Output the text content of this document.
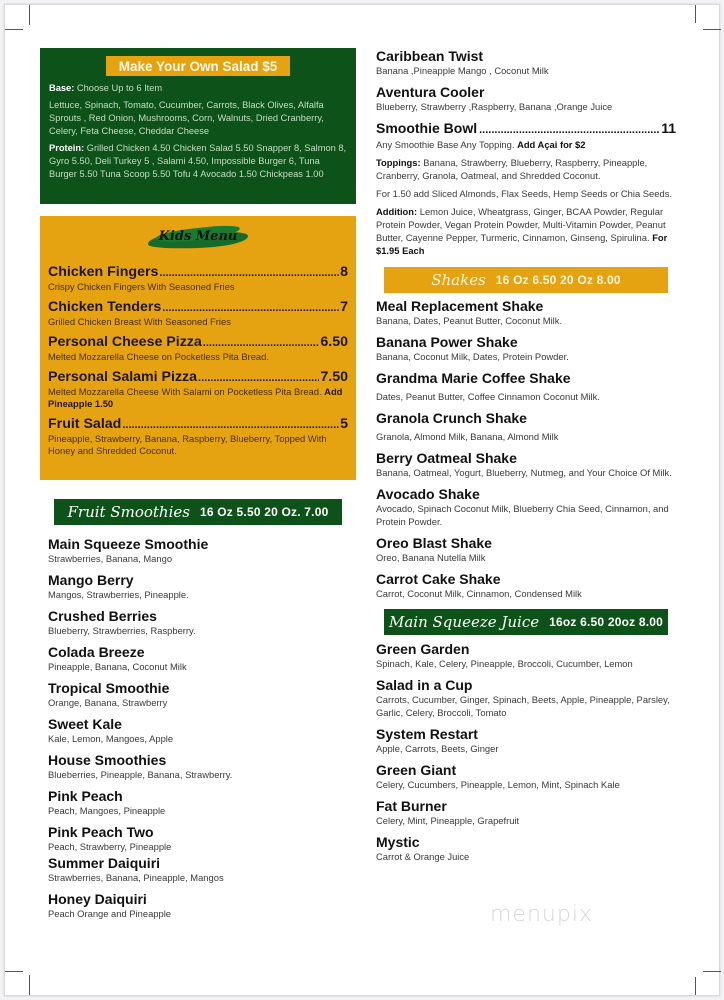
Make Your Own Salad $5

Base: Choose Up to 6 Item

Lettuce, Spinach, Tomato, Cucumber, Carrots, Black Olives, Alfalfa Sprouts , Red Onion, Mushrooms, Corn, Walnuts, Dried Cranberry, Celery, Feta Cheese, Cheddar Cheese

Protein: Grilled Chicken 4.50 Chicken Salad 5.50 Snapper 8, Salmon 8, Gyro 5.50, Deli Turkey 5 , Salami 4.50, Impossible Burger 6, Tuna Burger 5.50 Tuna Scoop 5.50 Tofu 4 Avocado 1.50 Chickpeas 1.00

Kids Menu
Chicken Fingers .....	8
Crispy Chicken Fingers With Seasoned Fries
Chicken Tenders .....	7
Grilled Chicken Breast With Seasoned Fries
Personal Cheese Pizza .....	6.50
Melted Mozzarella Cheese on Pocketless Pita Bread.
Personal Salami Pizza .....	7.50
Melted Mozzarella Cheese With Salami on Pocketless Pita Bread. Add Pineapple 1.50
Fruit Salad .....	5
Pineapple, Strawberry, Banana, Raspberry, Blueberry, Topped With Honey and Shredded Coconut.
Fruit Smoothies 16 Oz 5.50 20 Oz. 7.00
Main Squeeze Smoothie
Strawberries, Banana, Mango
Mango Berry
Mangos, Strawberries, Pineapple.
Crushed Berries
Blueberry, Strawberries, Raspberry.
Colada Breeze
Pineapple, Banana, Coconut Milk
Tropical Smoothie
Orange, Banana, Strawberry
Sweet Kale
Kale, Lemon, Mangoes, Apple
House Smoothies
Blueberries, Pineapple, Banana, Strawberry.
Pink Peach
Peach, Mangoes, Pineapple
Pink Peach Two
Peach, Strawberry, Pineapple
Summer Daiquiri
Strawberries, Banana, Pineapple, Mangos
Honey Daiquiri
Peach Orange and Pineapple
Caribbean Twist
Banana ,Pineapple Mango , Coconut Milk
Aventura Cooler
Blueberry, Strawberry ,Raspberry, Banana ,Orange Juice
Smoothie Bowl .....	11
Any Smoothie Base Any Topping. Add Açai for $2
Toppings: Banana, Strawberry, Blueberry, Raspberry, Pineapple, Cranberry, Granola, Oatmeal, and Shredded Coconut.
For 1.50 add Sliced Almonds, Flax Seeds, Hemp Seeds or Chia Seeds.
Addition: Lemon Juice, Wheatgrass, Ginger, BCAA Powder, Regular Protein Powder, Vegan Protein Powder, Multi-Vitamin Powder, Peanut Butter, Cayenne Pepper, Turmeric, Cinnamon, Ginseng, Spirulina. For $1.95 Each
Shakes 16 Oz 6.50 20 Oz 8.00
Meal Replacement Shake
Banana, Dates, Peanut Butter, Coconut Milk.
Banana Power Shake
Banana, Coconut Milk, Dates, Protein Powder.
Grandma Marie Coffee Shake
Dates, Peanut Butter, Coffee Cinnamon Coconut Milk.
Granola Crunch Shake
Granola, Almond Milk, Banana, Almond Milk
Berry Oatmeal Shake
Banana, Oatmeal, Yogurt, Blueberry, Nutmeg, and Your Choice Of Milk.
Avocado Shake
Avocado, Spinach Coconut Milk, Blueberry Chia Seed, Cinnamon, and Protein Powder.
Oreo Blast Shake
Oreo, Banana Nutella Milk
Carrot Cake Shake
Carrot, Coconut Milk, Cinnamon, Condensed Milk
Main Squeeze Juice 16oz 6.50 20oz 8.00
Green Garden
Spinach, Kale, Celery, Pineapple, Broccoli, Cucumber, Lemon
Salad in a Cup
Carrots, Cucumber, Ginger, Spinach, Beets, Apple, Pineapple, Parsley, Garlic, Celery, Broccoli, Tomato
System Restart
Apple, Carrots, Beets, Ginger
Green Giant
Celery, Cucumbers, Pineapple, Lemon, Mint, Spinach Kale
Fat Burner
Celery, Mint, Pineapple, Grapefruit
Mystic
Carrot & Orange Juice
menupix
